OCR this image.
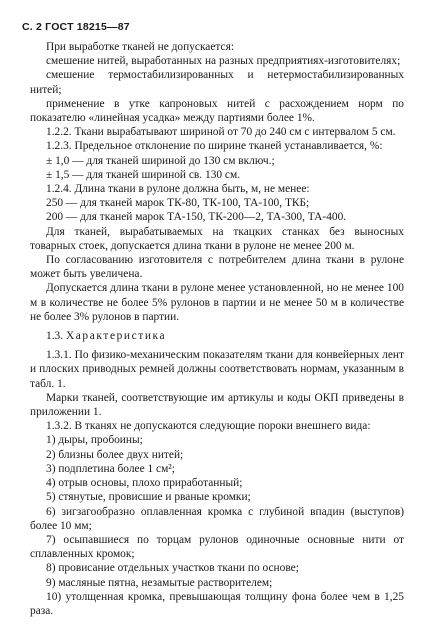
С. 2 ГОСТ 18215—87

При выработке тканей не допускается:

смешение нитей, выработанных на разных предприятиях-изготовителях;

смешение термостабилизированных и нетермостабилизированных нитей;

применение в утке капроновых нитей с расхождением норм по показателю «линейная усадка» между партиями более 1%.

1.2.2. Ткани вырабатывают шириной от 70 до 240 см с интервалом 5 см.

1.2.3. Предельное отклонение по ширине тканей устанавливается, %:

± 1,0 — для тканей шириной до 130 см включ.;

± 1,5 — для тканей шириной св. 130 см.

1.2.4. Длина ткани в рулоне должна быть, м, не менее:

250 — для тканей марок ТК-80, ТК-100, ТА-100, ТКБ;

200 — для тканей марок ТА-150, ТК-200—2, ТА-300, ТА-400.

Для тканей, вырабатываемых на ткацких станках без выносных товарных стоек, допускается длина ткани в рулоне не менее 200 м.

По согласованию изготовителя с потребителем длина ткани в рулоне может быть увеличена.

Допускается длина ткани в рулоне менее установленной, но не менее 100 м в количестве не более 5% рулонов в партии и не менее 50 м в количестве не более 3% рулонов в партии.

1.3. Характеристика

1.3.1. По физико-механическим показателям ткани для конвейерных лент и плоских приводных ремней должны соответствовать нормам, указанным в табл. 1.

Марки тканей, соответствующие им артикулы и коды ОКП приведены в приложении 1.

1.3.2. В тканях не допускаются следующие пороки внешнего вида:

1) дыры, пробоины;

2) близны более двух нитей;

3) подплетина более 1 см²;

4) отрыв основы, плохо приработанный;

5) стянутые, провисшие и рваные кромки;

6) зигзагообразно оплавленная кромка с глубиной впадин (выступов) более 10 мм;

7) осыпавшиеся по торцам рулонов одиночные основные нити от сплавленных кромок;

8) провисание отдельных участков ткани по основе;

9) масляные пятна, незамытые растворителем;

10) утолщенная кромка, превышающая толщину фона более чем в 1,25 раза.
